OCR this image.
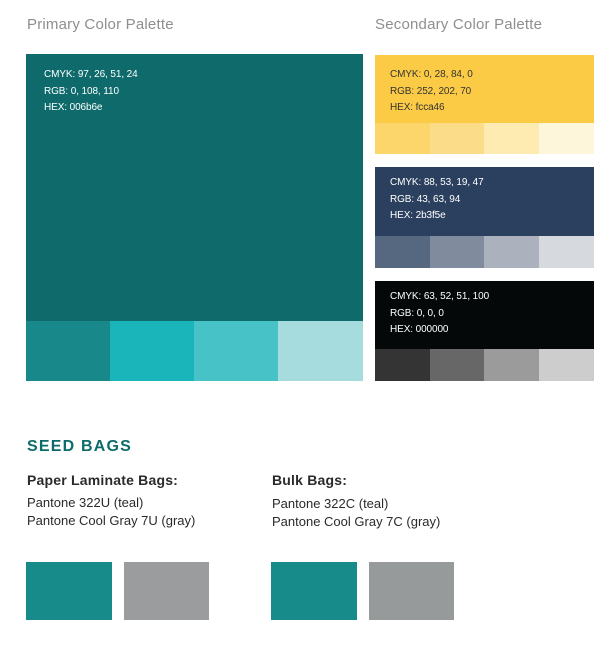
Primary Color Palette	Secondary Color Palette
CMYK: 97, 26, 51, 24
RGB: 0, 108, 110
HEX: 006b6e
CMYK: 0, 28, 84, 0
RGB: 252, 202, 70
HEX: fcca46
CMYK: 88, 53, 19, 47
RGB: 43, 63, 94
HEX: 2b3f5e
CMYK: 63, 52, 51, 100
RGB: 0, 0, 0
HEX: 000000
SEED BAGS
Paper Laminate Bags:
Pantone 322U (teal)
Pantone Cool Gray 7U (gray)
Bulk Bags:
Pantone 322C (teal)
Pantone Cool Gray 7C (gray)
